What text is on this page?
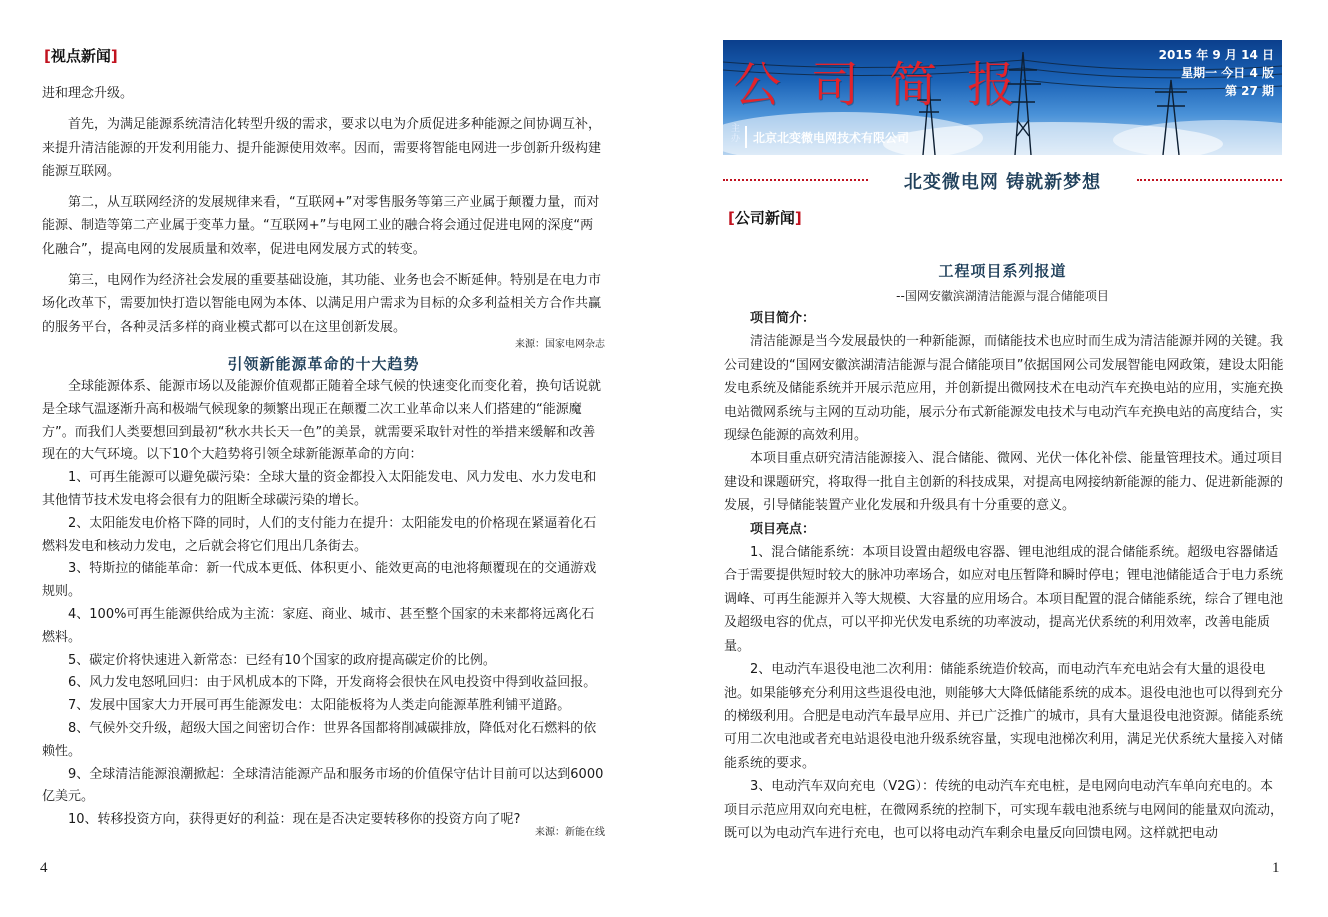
[视点新闻]

进和理念升级。

首先，为满足能源系统清洁化转型升级的需求，要求以电为介质促进多种能源之间协调互补，来提升清洁能源的开发利用能力、提升能源使用效率。因而，需要将智能电网进一步创新升级构建能源互联网。

第二，从互联网经济的发展规律来看，“互联网+”对零售服务等第三产业属于颠覆力量，而对能源、制造等第二产业属于变革力量。“互联网+”与电网工业的融合将会通过促进电网的深度“两化融合”，提高电网的发展质量和效率，促进电网发展方式的转变。

第三，电网作为经济社会发展的重要基础设施，其功能、业务也会不断延伸。特别是在电力市场化改革下，需要加快打造以智能电网为本体、以满足用户需求为目标的众多利益相关方合作共赢的服务平台，各种灵活多样的商业模式都可以在这里创新发展。

来源：国家电网杂志
引领新能源革命的十大趋势

全球能源体系、能源市场以及能源价值观都正随着全球气候的快速变化而变化着，换句话说就是全球气温逐渐升高和极端气候现象的频繁出现正在颠覆二次工业革命以来人们搭建的“能源魔方”。而我们人类要想回到最初“秋水共长天一色”的美景，就需要采取针对性的举措来缓解和改善现在的大气环境。以下10个大趋势将引领全球新能源革命的方向：

1、可再生能源可以避免碳污染：全球大量的资金都投入太阳能发电、风力发电、水力发电和其他情节技术发电将会很有力的阻断全球碳污染的增长。

2、太阳能发电价格下降的同时，人们的支付能力在提升：太阳能发电的价格现在紧逼着化石燃料发电和核动力发电，之后就会将它们甩出几条街去。

3、特斯拉的储能革命：新一代成本更低、体积更小、能效更高的电池将颠覆现在的交通游戏规则。

4、100%可再生能源供给成为主流：家庭、商业、城市、甚至整个国家的未来都将远离化石燃料。

5、碳定价将快速进入新常态：已经有10个国家的政府提高碳定价的比例。

6、风力发电怒吼回归：由于风机成本的下降，开发商将会很快在风电投资中得到收益回报。

7、发展中国家大力开展可再生能源发电：太阳能板将为人类走向能源革胜利铺平道路。

8、气候外交升级，超级大国之间密切合作：世界各国都将削减碳排放，降低对化石燃料的依赖性。

9、全球清洁能源浪潮掀起：全球清洁能源产品和服务市场的价值保守估计目前可以达到6000亿美元。

10、转移投资方向，获得更好的利益：现在是否决定要转移你的投资方向了呢?

来源：新能在线
4
公司简报
2015 年 9 月 14 日
星期一 今日 4 版
第 27 期
主办 北京北变微电网技术有限公司
北变微电网 铸就新梦想
[公司新闻]
工程项目系列报道
--国网安徽滨湖清洁能源与混合储能项目

项目简介：

清洁能源是当今发展最快的一种新能源，而储能技术也应时而生成为清洁能源并网的关键。我公司建设的“国网安徽滨湖清洁能源与混合储能项目”依据国网公司发展智能电网政策，建设太阳能发电系统及储能系统并开展示范应用，并创新提出微网技术在电动汽车充换电站的应用，实施充换电站微网系统与主网的互动功能，展示分布式新能源发电技术与电动汽车充换电站的高度结合，实现绿色能源的高效利用。

本项目重点研究清洁能源接入、混合储能、微网、光伏一体化补偿、能量管理技术。通过项目建设和课题研究，将取得一批自主创新的科技成果，对提高电网接纳新能源的能力、促进新能源的发展，引导储能装置产业化发展和升级具有十分重要的意义。

项目亮点：

1、混合储能系统：本项目设置由超级电容器、锂电池组成的混合储能系统。超级电容器储适合于需要提供短时较大的脉冲功率场合，如应对电压暂降和瞬时停电；锂电池储能适合于电力系统调峰、可再生能源并入等大规模、大容量的应用场合。本项目配置的混合储能系统，综合了锂电池及超级电容的优点，可以平抑光伏发电系统的功率波动，提高光伏系统的利用效率，改善电能质量。

2、电动汽车退役电池二次利用：储能系统造价较高，而电动汽车充电站会有大量的退役电池。如果能够充分利用这些退役电池，则能够大大降低储能系统的成本。退役电池也可以得到充分的梯级利用。合肥是电动汽车最早应用、并已广泛推广的城市，具有大量退役电池资源。储能系统可用二次电池或者充电站退役电池升级系统容量，实现电池梯次利用，满足光伏系统大量接入对储能系统的要求。

3、电动汽车双向充电（V2G）：传统的电动汽车充电桩，是电网向电动汽车单向充电的。本项目示范应用双向充电桩，在微网系统的控制下，可实现车载电池系统与电网间的能量双向流动，既可以为电动汽车进行充电，也可以将电动汽车剩余电量反向回馈电网。这样就把电动

1
